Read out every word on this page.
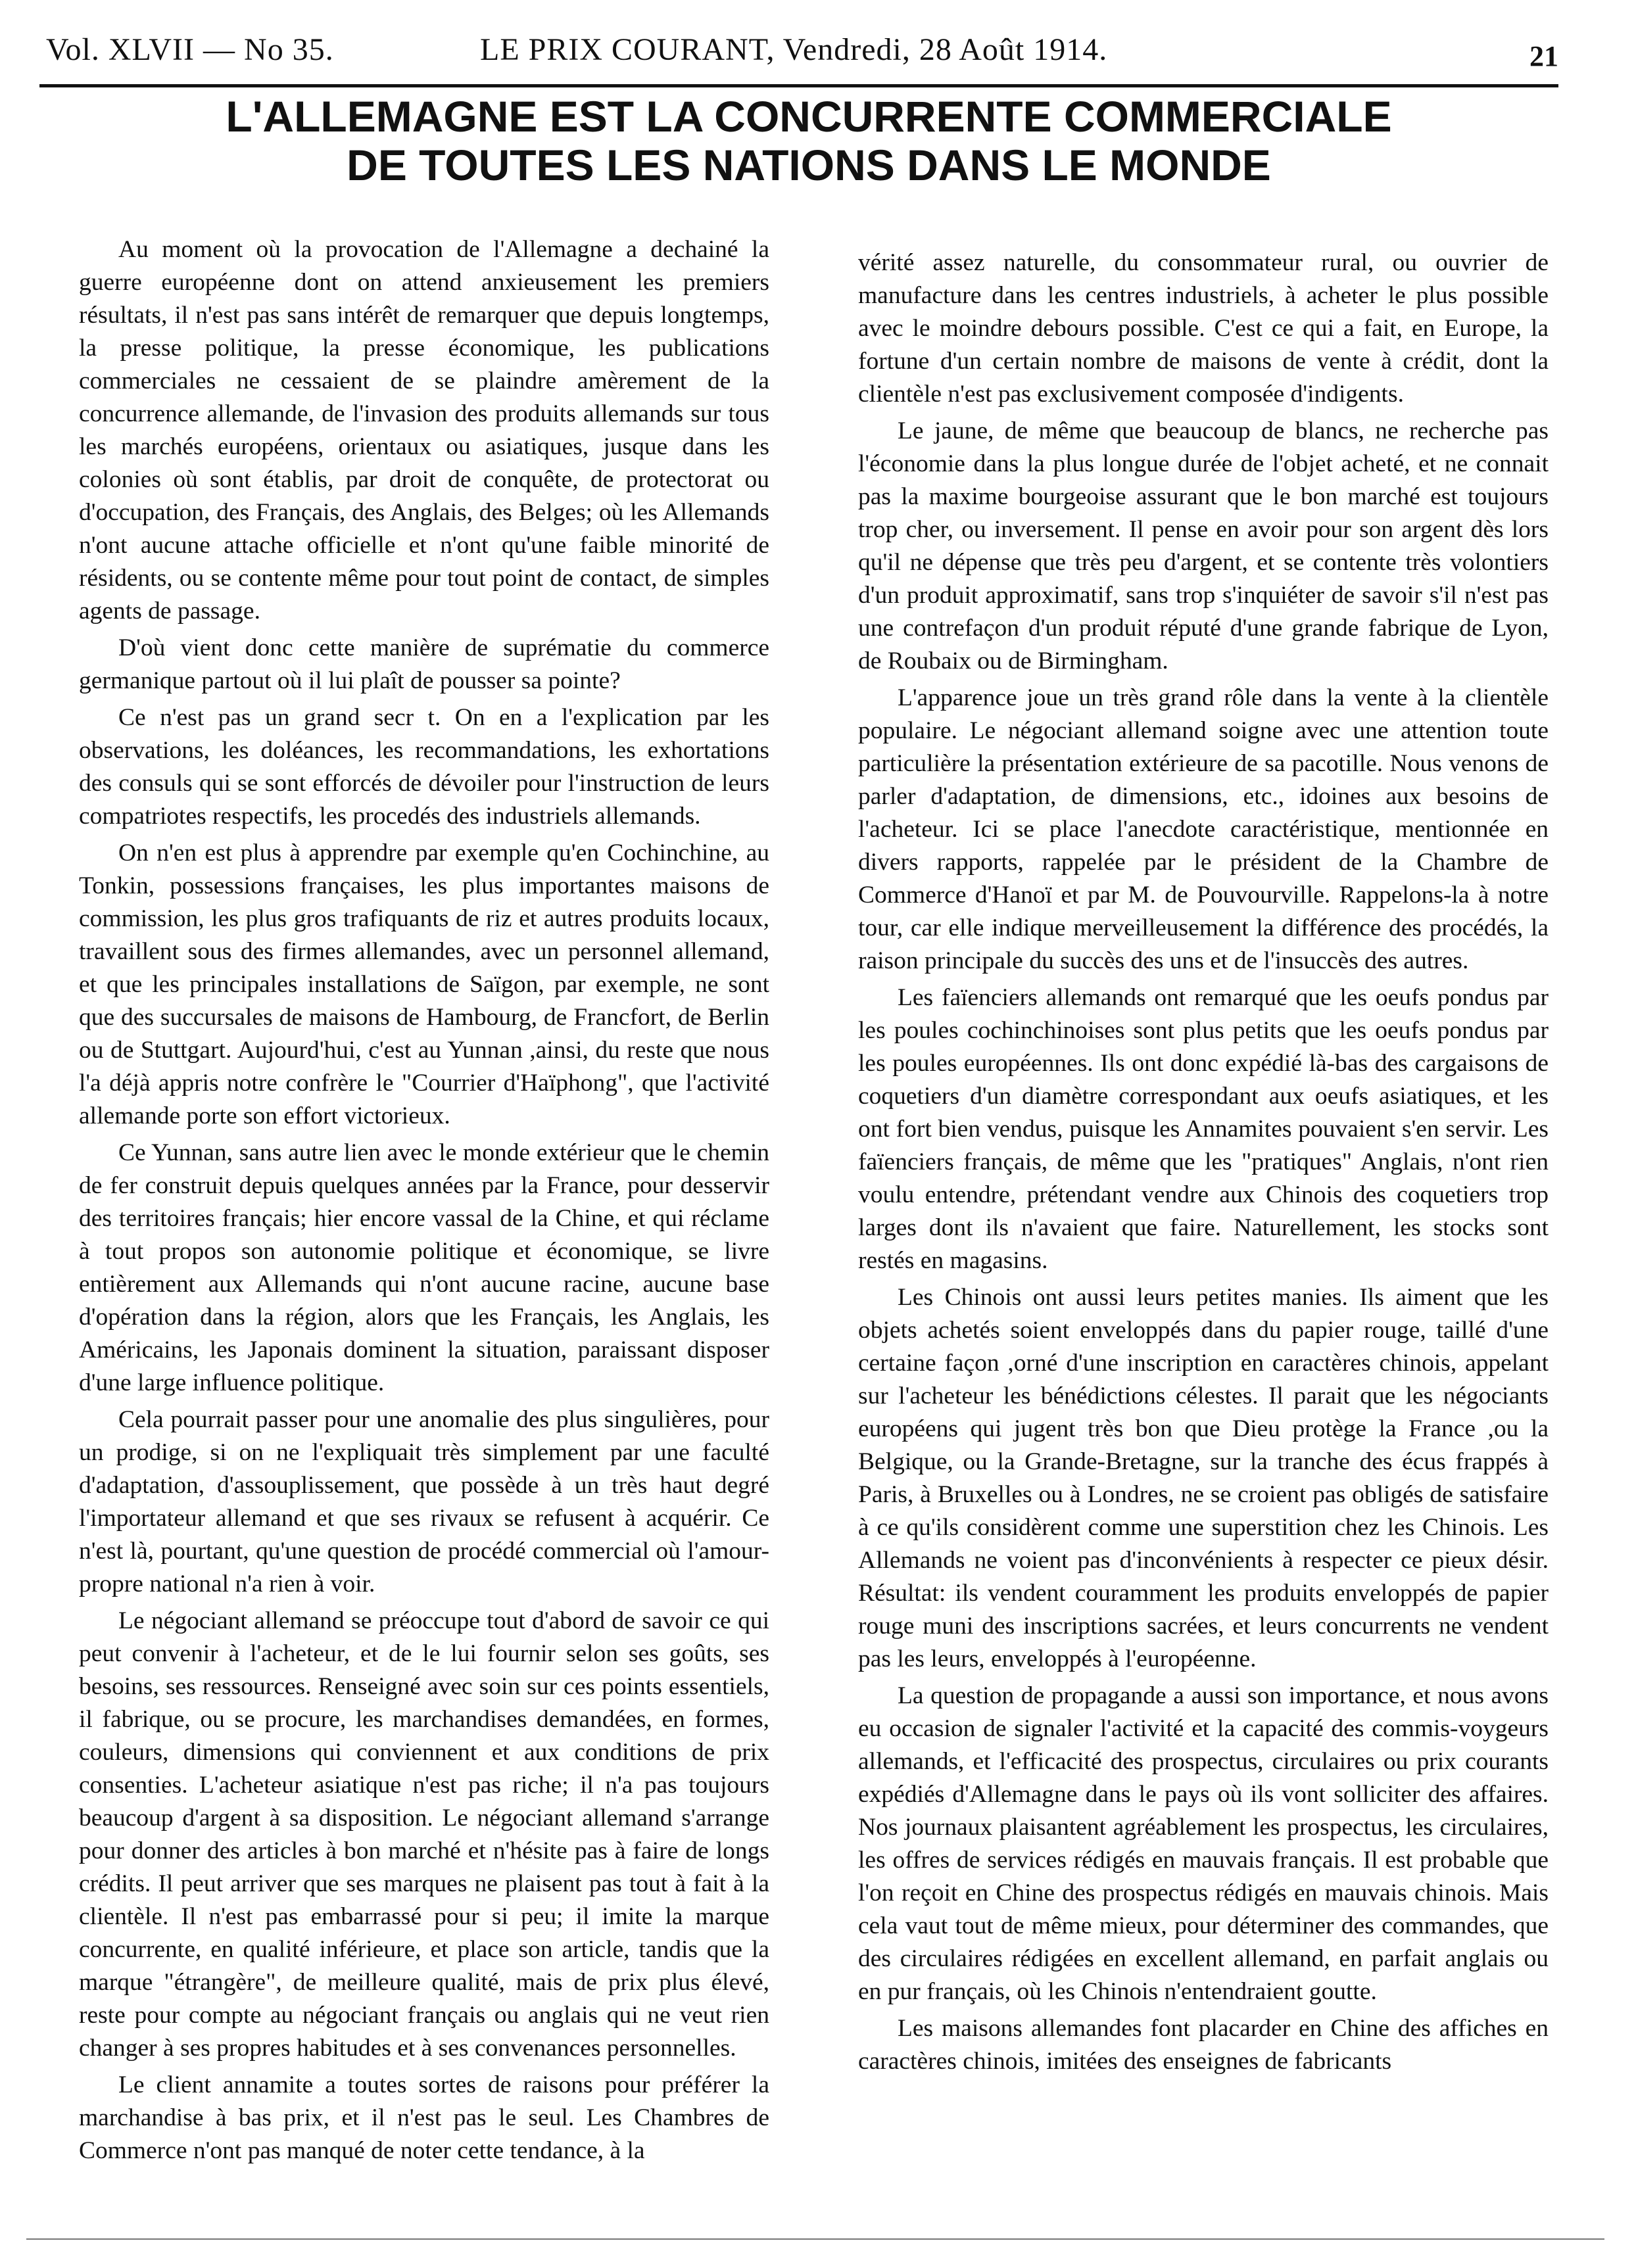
Vol. XLVII — No 35.	LE PRIX COURANT, Vendredi, 28 Août 1914.	21
L'ALLEMAGNE EST LA CONCURRENTE COMMERCIALE
DE TOUTES LES NATIONS DANS LE MONDE

Au moment où la provocation de l'Allemagne a dechainé la guerre européenne dont on attend anxieusement les premiers résultats, il n'est pas sans intérêt de remarquer que depuis longtemps, la presse politique, la presse économique, les publications commerciales ne cessaient de se plaindre amèrement de la concurrence allemande, de l'invasion des produits allemands sur tous les marchés européens, orientaux ou asiatiques, jusque dans les colonies où sont établis, par droit de conquête, de protectorat ou d'occupation, des Français, des Anglais, des Belges; où les Allemands n'ont aucune attache officielle et n'ont qu'une faible minorité de résidents, ou se contente même pour tout point de contact, de simples agents de passage.

D'où vient donc cette manière de suprématie du commerce germanique partout où il lui plaît de pousser sa pointe?

Ce n'est pas un grand secr t. On en a l'explication par les observations, les doléances, les recommandations, les exhortations des consuls qui se sont efforcés de dévoiler pour l'instruction de leurs compatriotes respectifs, les procedés des industriels allemands.

On n'en est plus à apprendre par exemple qu'en Cochinchine, au Tonkin, possessions françaises, les plus importantes maisons de commission, les plus gros trafiquants de riz et autres produits locaux, travaillent sous des firmes allemandes, avec un personnel allemand, et que les principales installations de Saïgon, par exemple, ne sont que des succursales de maisons de Hambourg, de Francfort, de Berlin ou de Stuttgart. Aujourd'hui, c'est au Yunnan ,ainsi, du reste que nous l'a déjà appris notre confrère le "Courrier d'Haïphong", que l'activité allemande porte son effort victorieux.

Ce Yunnan, sans autre lien avec le monde extérieur que le chemin de fer construit depuis quelques années par la France, pour desservir des territoires français; hier encore vassal de la Chine, et qui réclame à tout propos son autonomie politique et économique, se livre entièrement aux Allemands qui n'ont aucune racine, aucune base d'opération dans la région, alors que les Français, les Anglais, les Américains, les Japonais dominent la situation, paraissant disposer d'une large influence politique.

Cela pourrait passer pour une anomalie des plus singulières, pour un prodige, si on ne l'expliquait très simplement par une faculté d'adaptation, d'assouplissement, que possède à un très haut degré l'importateur allemand et que ses rivaux se refusent à acquérir. Ce n'est là, pourtant, qu'une question de procédé commercial où l'amour-propre national n'a rien à voir.

Le négociant allemand se préoccupe tout d'abord de savoir ce qui peut convenir à l'acheteur, et de le lui fournir selon ses goûts, ses besoins, ses ressources. Renseigné avec soin sur ces points essentiels, il fabrique, ou se procure, les marchandises demandées, en formes, couleurs, dimensions qui conviennent et aux conditions de prix consenties. L'acheteur asiatique n'est pas riche; il n'a pas toujours beaucoup d'argent à sa disposition. Le négociant allemand s'arrange pour donner des articles à bon marché et n'hésite pas à faire de longs crédits. Il peut arriver que ses marques ne plaisent pas tout à fait à la clientèle. Il n'est pas embarrassé pour si peu; il imite la marque concurrente, en qualité inférieure, et place son article, tandis que la marque "étrangère", de meilleure qualité, mais de prix plus élevé, reste pour compte au négociant français ou anglais qui ne veut rien changer à ses propres habitudes et à ses convenances personnelles.

Le client annamite a toutes sortes de raisons pour préférer la marchandise à bas prix, et il n'est pas le seul. Les Chambres de Commerce n'ont pas manqué de noter cette tendance, à la

vérité assez naturelle, du consommateur rural, ou ouvrier de manufacture dans les centres industriels, à acheter le plus possible avec le moindre debours possible. C'est ce qui a fait, en Europe, la fortune d'un certain nombre de maisons de vente à crédit, dont la clientèle n'est pas exclusivement composée d'indigents.

Le jaune, de même que beaucoup de blancs, ne recherche pas l'économie dans la plus longue durée de l'objet acheté, et ne connait pas la maxime bourgeoise assurant que le bon marché est toujours trop cher, ou inversement. Il pense en avoir pour son argent dès lors qu'il ne dépense que très peu d'argent, et se contente très volontiers d'un produit approximatif, sans trop s'inquiéter de savoir s'il n'est pas une contrefaçon d'un produit réputé d'une grande fabrique de Lyon, de Roubaix ou de Birmingham.

L'apparence joue un très grand rôle dans la vente à la clientèle populaire. Le négociant allemand soigne avec une attention toute particulière la présentation extérieure de sa pacotille. Nous venons de parler d'adaptation, de dimensions, etc., idoines aux besoins de l'acheteur. Ici se place l'anecdote caractéristique, mentionnée en divers rapports, rappelée par le président de la Chambre de Commerce d'Hanoï et par M. de Pouvourville. Rappelons-la à notre tour, car elle indique merveilleusement la différence des procédés, la raison principale du succès des uns et de l'insuccès des autres.

Les faïenciers allemands ont remarqué que les oeufs pondus par les poules cochinchinoises sont plus petits que les oeufs pondus par les poules européennes. Ils ont donc expédié là-bas des cargaisons de coquetiers d'un diamètre correspondant aux oeufs asiatiques, et les ont fort bien vendus, puisque les Annamites pouvaient s'en servir. Les faïenciers français, de même que les "pratiques" Anglais, n'ont rien voulu entendre, prétendant vendre aux Chinois des coquetiers trop larges dont ils n'avaient que faire. Naturellement, les stocks sont restés en magasins.

Les Chinois ont aussi leurs petites manies. Ils aiment que les objets achetés soient enveloppés dans du papier rouge, taillé d'une certaine façon ,orné d'une inscription en caractères chinois, appelant sur l'acheteur les bénédictions célestes. Il parait que les négociants européens qui jugent très bon que Dieu protège la France ,ou la Belgique, ou la Grande-Bretagne, sur la tranche des écus frappés à Paris, à Bruxelles ou à Londres, ne se croient pas obligés de satisfaire à ce qu'ils considèrent comme une superstition chez les Chinois. Les Allemands ne voient pas d'inconvénients à respecter ce pieux désir. Résultat: ils vendent couramment les produits enveloppés de papier rouge muni des inscriptions sacrées, et leurs concurrents ne vendent pas les leurs, enveloppés à l'européenne.

La question de propagande a aussi son importance, et nous avons eu occasion de signaler l'activité et la capacité des commis-voygeurs allemands, et l'efficacité des prospectus, circulaires ou prix courants expédiés d'Allemagne dans le pays où ils vont solliciter des affaires. Nos journaux plaisantent agréablement les prospectus, les circulaires, les offres de services rédigés en mauvais français. Il est probable que l'on reçoit en Chine des prospectus rédigés en mauvais chinois. Mais cela vaut tout de même mieux, pour déterminer des commandes, que des circulaires rédigées en excellent allemand, en parfait anglais ou en pur français, où les Chinois n'entendraient goutte.

Les maisons allemandes font placarder en Chine des affiches en caractères chinois, imitées des enseignes de fabricants
